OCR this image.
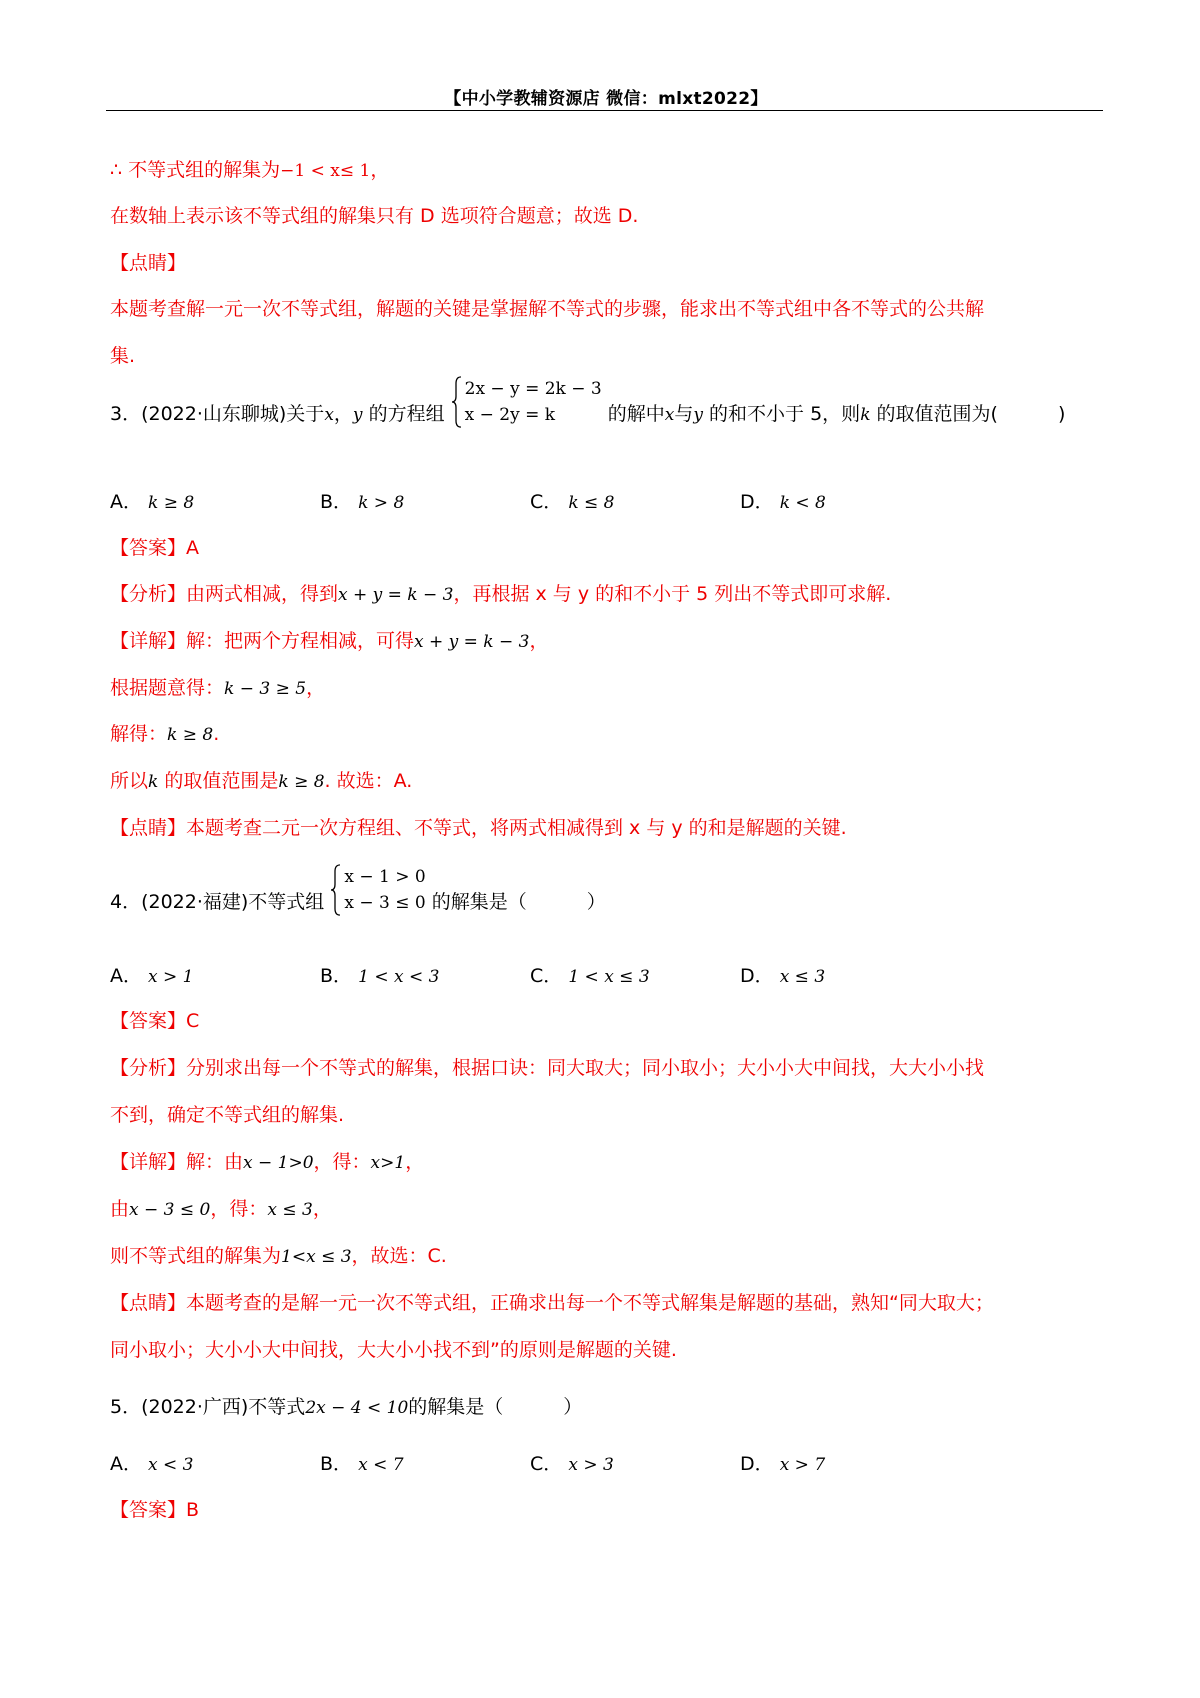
【中小学教辅资源店 微信：mlxt2022】
∴ 不等式组的解集为−1 < x≤ 1，
在数轴上表示该不等式组的解集只有 D 选项符合题意；故选 D.
【点睛】
本题考查解一元一次不等式组，解题的关键是掌握解不等式的步骤，能求出不等式组中各不等式的公共解
集.
3．(2022·山东聊城)关于x，y 的方程组
2x − y = 2k − 3
x − 2y = k	的解中x与y 的和不小于 5，则k 的取值范围为(	)
A． k ≥ 8	B． k > 8	C． k ≤ 8	D． k < 8
【答案】A
【分析】由两式相减，得到x + y = k − 3，再根据 x 与 y 的和不小于 5 列出不等式即可求解.
【详解】解：把两个方程相减，可得x + y = k − 3，
根据题意得：k − 3 ≥ 5，
解得：k ≥ 8.
所以k 的取值范围是k ≥ 8. 故选：A.
【点睛】本题考查二元一次方程组、不等式，将两式相减得到 x 与 y 的和是解题的关键.
4．(2022·福建)不等式组
x − 1 > 0
x − 3 ≤ 0 的解集是（	）
A． x > 1	B． 1 < x < 3	C． 1 < x ≤ 3	D． x ≤ 3
【答案】C
【分析】分别求出每一个不等式的解集，根据口诀：同大取大；同小取小；大小小大中间找，大大小小找
不到，确定不等式组的解集.
【详解】解：由x − 1>0，得：x>1，
由x − 3 ≤ 0，得：x ≤ 3，
则不等式组的解集为1<x ≤ 3，故选：C.
【点睛】本题考查的是解一元一次不等式组，正确求出每一个不等式解集是解题的基础，熟知“同大取大；
同小取小；大小小大中间找，大大小小找不到”的原则是解题的关键.
5．(2022·广西)不等式2x − 4 < 10的解集是（	）
A． x < 3	B． x < 7	C． x > 3	D． x > 7
【答案】B
